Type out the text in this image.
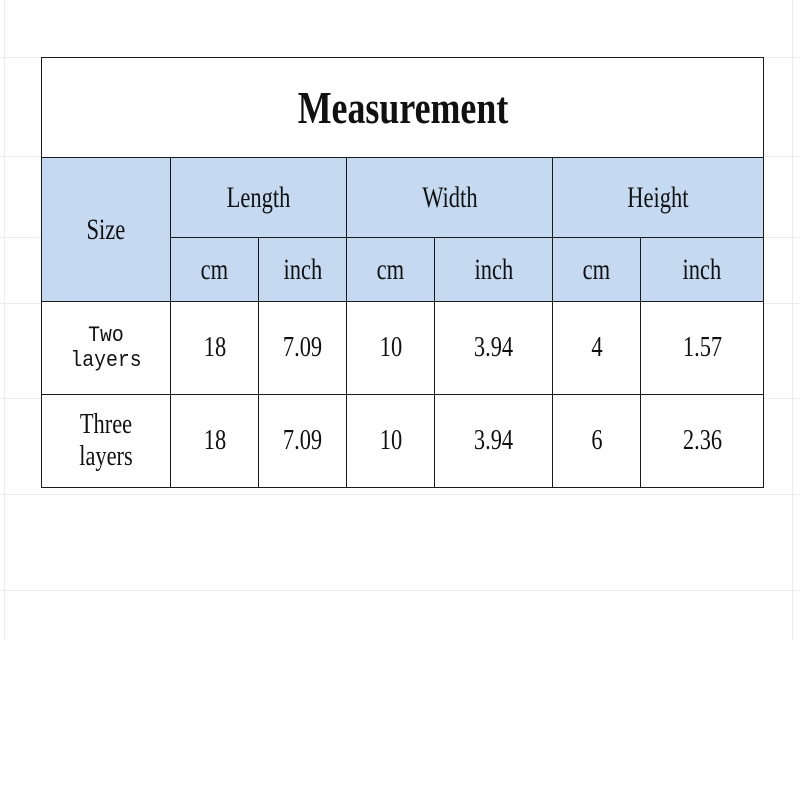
Measurement						
Size	Length		Width		Height	
	cm	inch	cm	inch	cm	inch
Two layers	18	7.09	10	3.94	4	1.57
Three layers	18	7.09	10	3.94	6	2.36
